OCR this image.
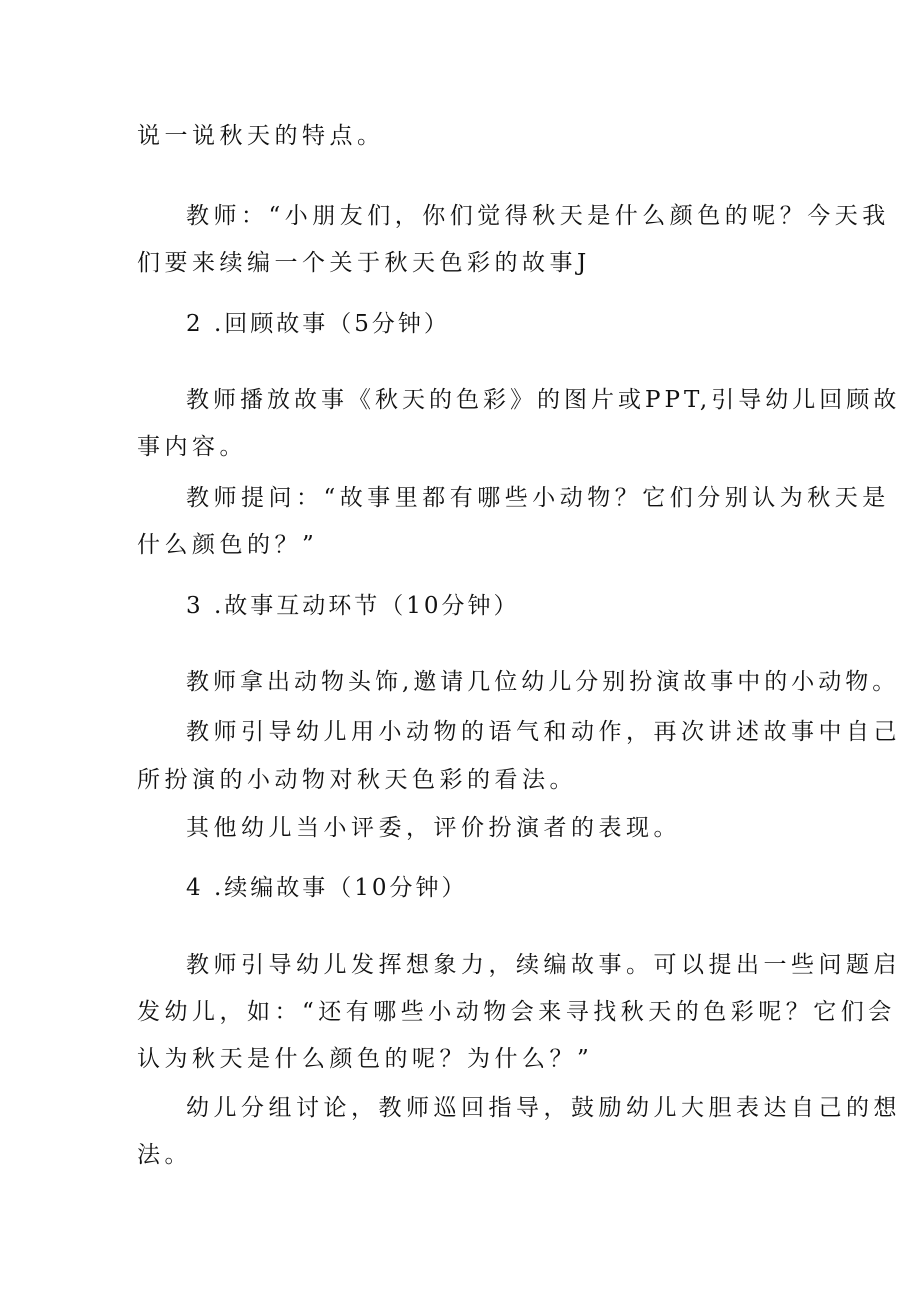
说一说秋天的特点。
教师：“小朋友们，你们觉得秋天是什么颜色的呢？今天我
们要来续编一个关于秋天色彩的故事J
2 .回顾故事（5分钟）
教师播放故事《秋天的色彩》的图片或PPT,引导幼儿回顾故
事内容。
教师提问：“故事里都有哪些小动物？它们分别认为秋天是
什么颜色的？”
3 .故事互动环节（10分钟）
教师拿出动物头饰,邀请几位幼儿分别扮演故事中的小动物。
教师引导幼儿用小动物的语气和动作，再次讲述故事中自己
所扮演的小动物对秋天色彩的看法。
其他幼儿当小评委，评价扮演者的表现。
4 .续编故事（10分钟）
教师引导幼儿发挥想象力，续编故事。可以提出一些问题启
发幼儿，如：“还有哪些小动物会来寻找秋天的色彩呢？它们会
认为秋天是什么颜色的呢？为什么？”
幼儿分组讨论，教师巡回指导，鼓励幼儿大胆表达自己的想
法。
